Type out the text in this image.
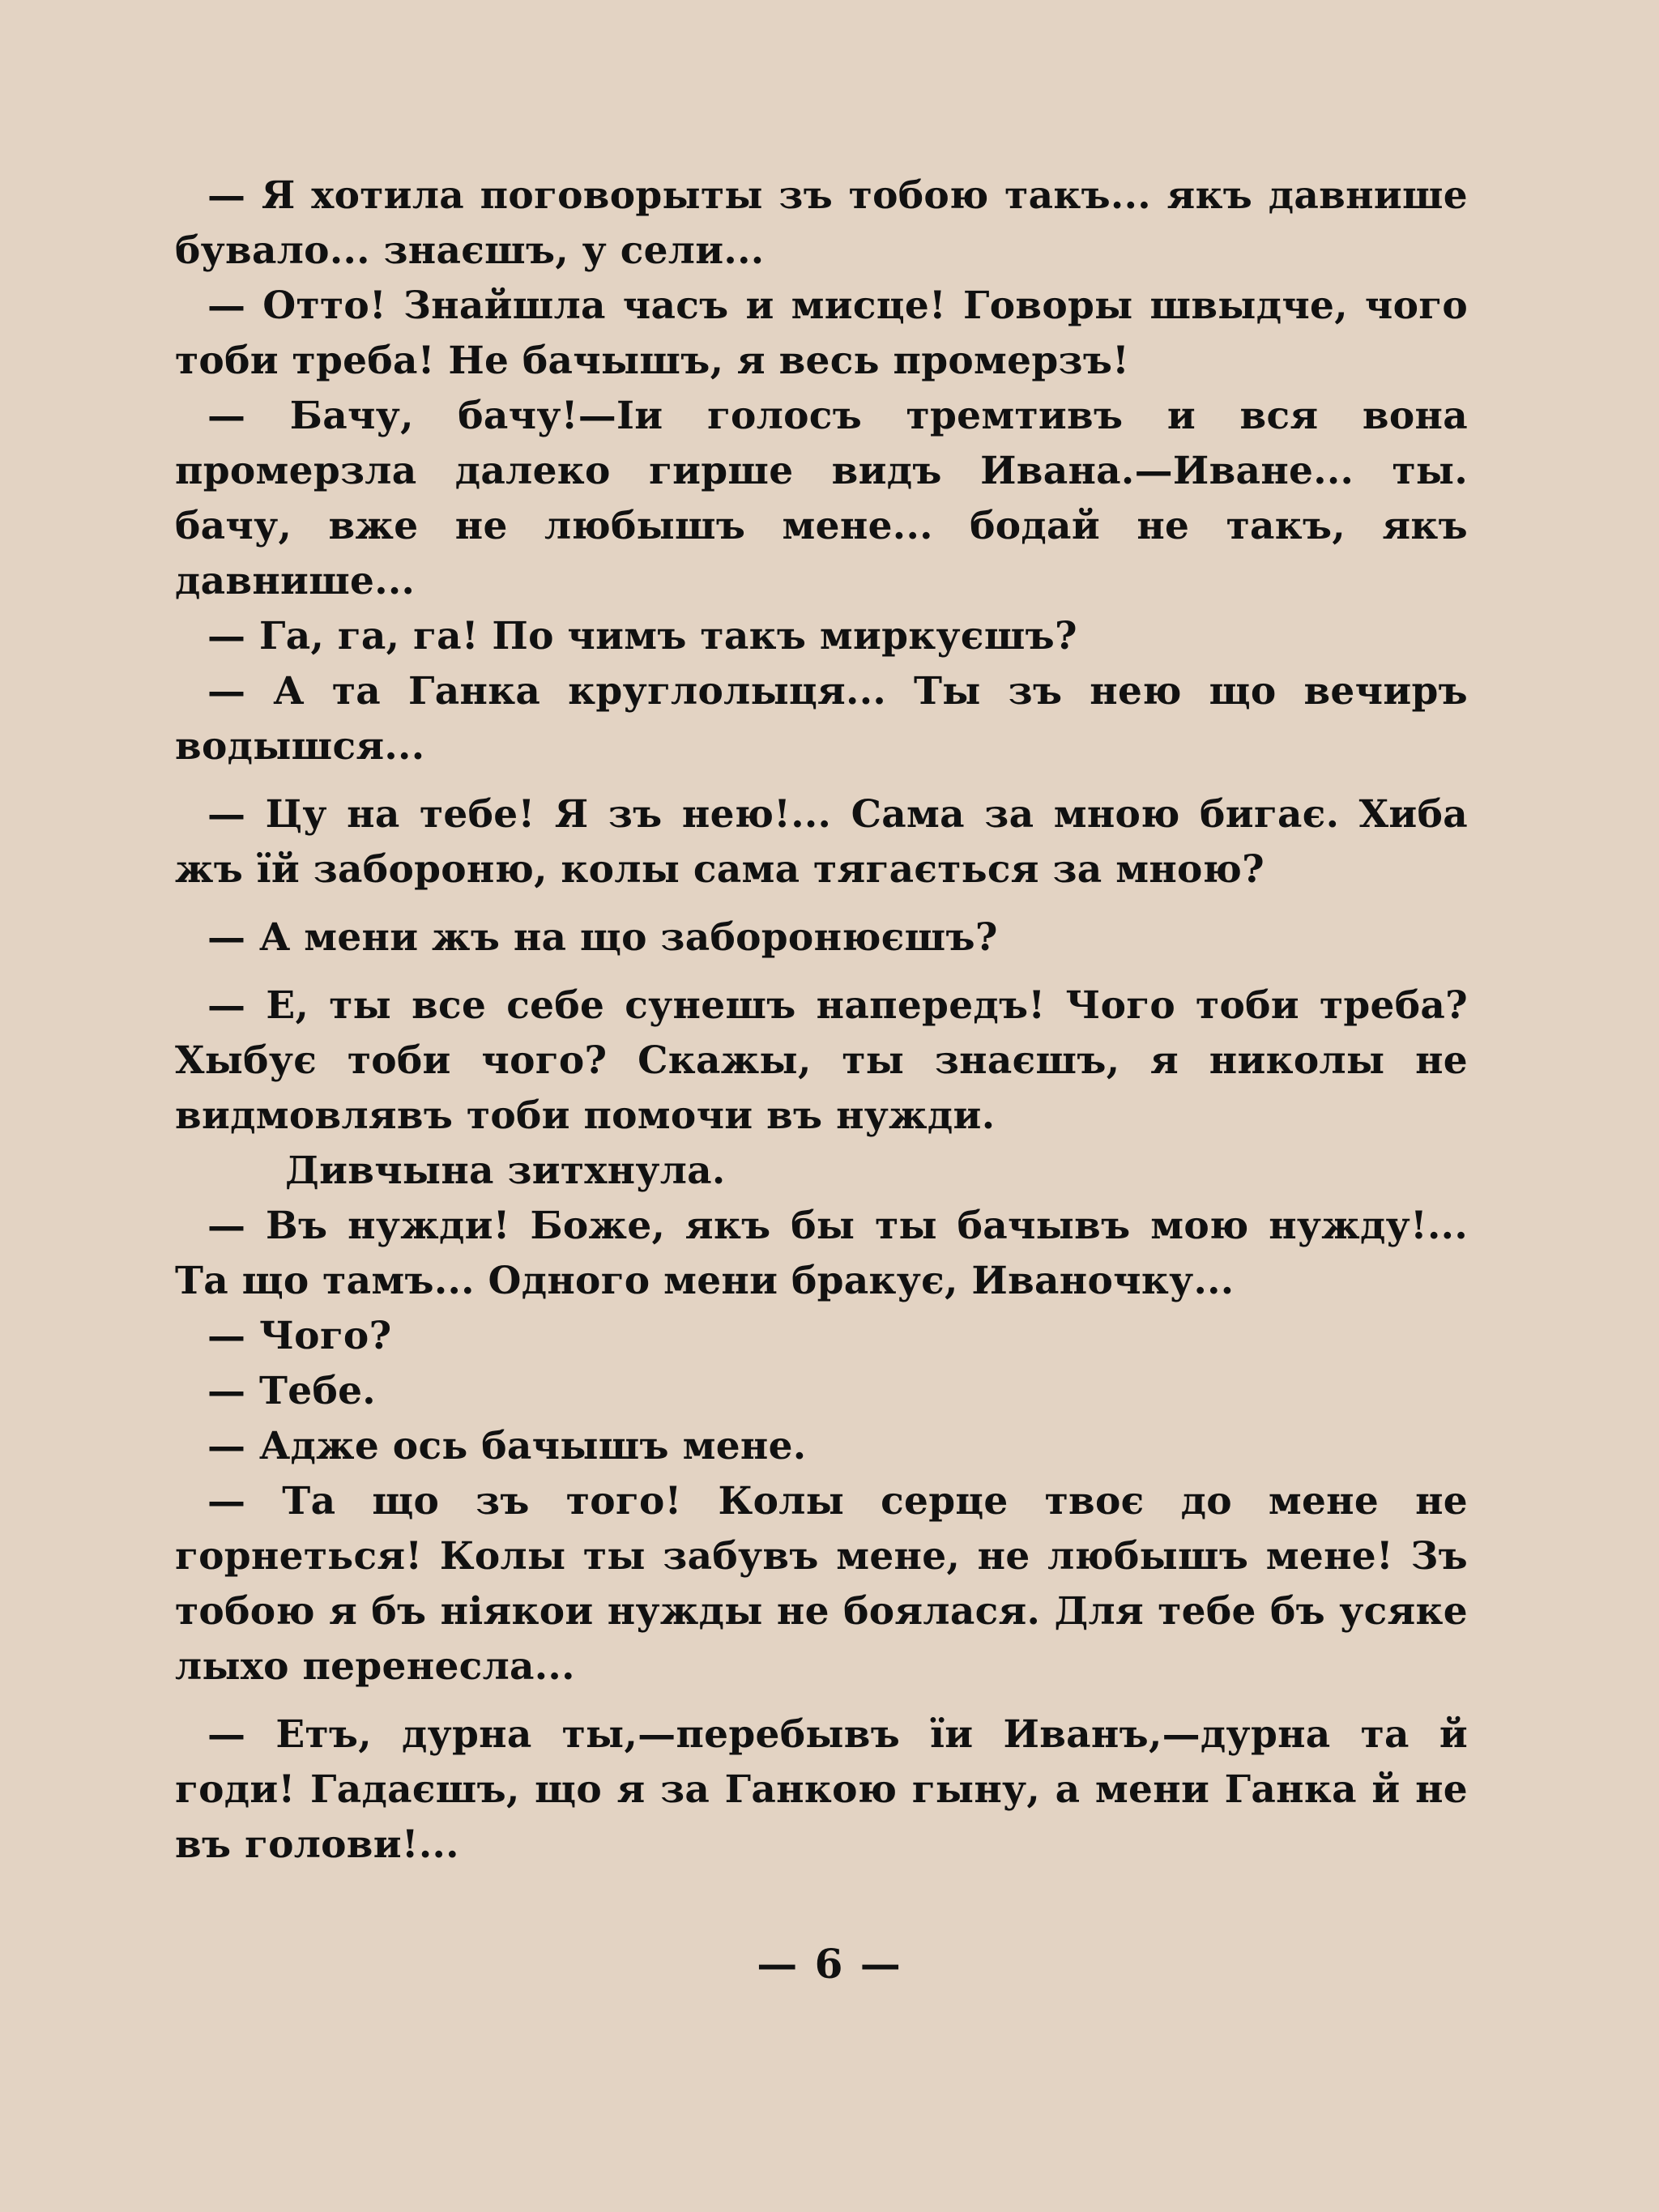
— Я хотила поговорыты зъ тобою такъ... якъ давнише бувало... знаєшъ, у сели...

— Отто! Знайшла часъ и мисце! Говоры швыдче, чого тоби треба! Не бачышъ, я весь промерзъ!

— Бачу, бачу!—Іи голосъ тремтивъ и вся вона промерзла далеко гирше видъ Ивана.—Иване... ты. бачу, вже не любышъ мене... бодай не такъ, якъ давнише...

— Га, га, га! По чимъ такъ миркуєшъ?

— А та Ганка круглолыця... Ты зъ нею що вечиръ водышся...

— Цу на тебе! Я зъ нею!... Сама за мною бигає. Хиба жъ їй забороню, колы сама тягається за мною?

— А мени жъ на що заборонюєшъ?

— Е, ты все себе сунешъ напередъ! Чого тоби треба? Хыбує тоби чого? Скажы, ты знаєшъ, я николы не видмовлявъ тоби помочи въ нужди.

Дивчына зитхнула.

— Въ нужди! Боже, якъ бы ты бачывъ мою нужду!... Та що тамъ... Одного мени бракує, Иваночку...

— Чого?

— Тебе.

— Адже ось бачышъ мене.

— Та що зъ того! Колы серце твоє до мене не горнеться! Колы ты забувъ мене, не любышъ мене! Зъ тобою я бъ ніякои нужды не боялася. Для тебе бъ усяке лыхо перенесла...

— Етъ, дурна ты,—перебывъ їи Иванъ,—дурна та й годи! Гадаєшъ, що я за Ганкою гыну, а мени Ганка й не въ голови!...

— 6 —
